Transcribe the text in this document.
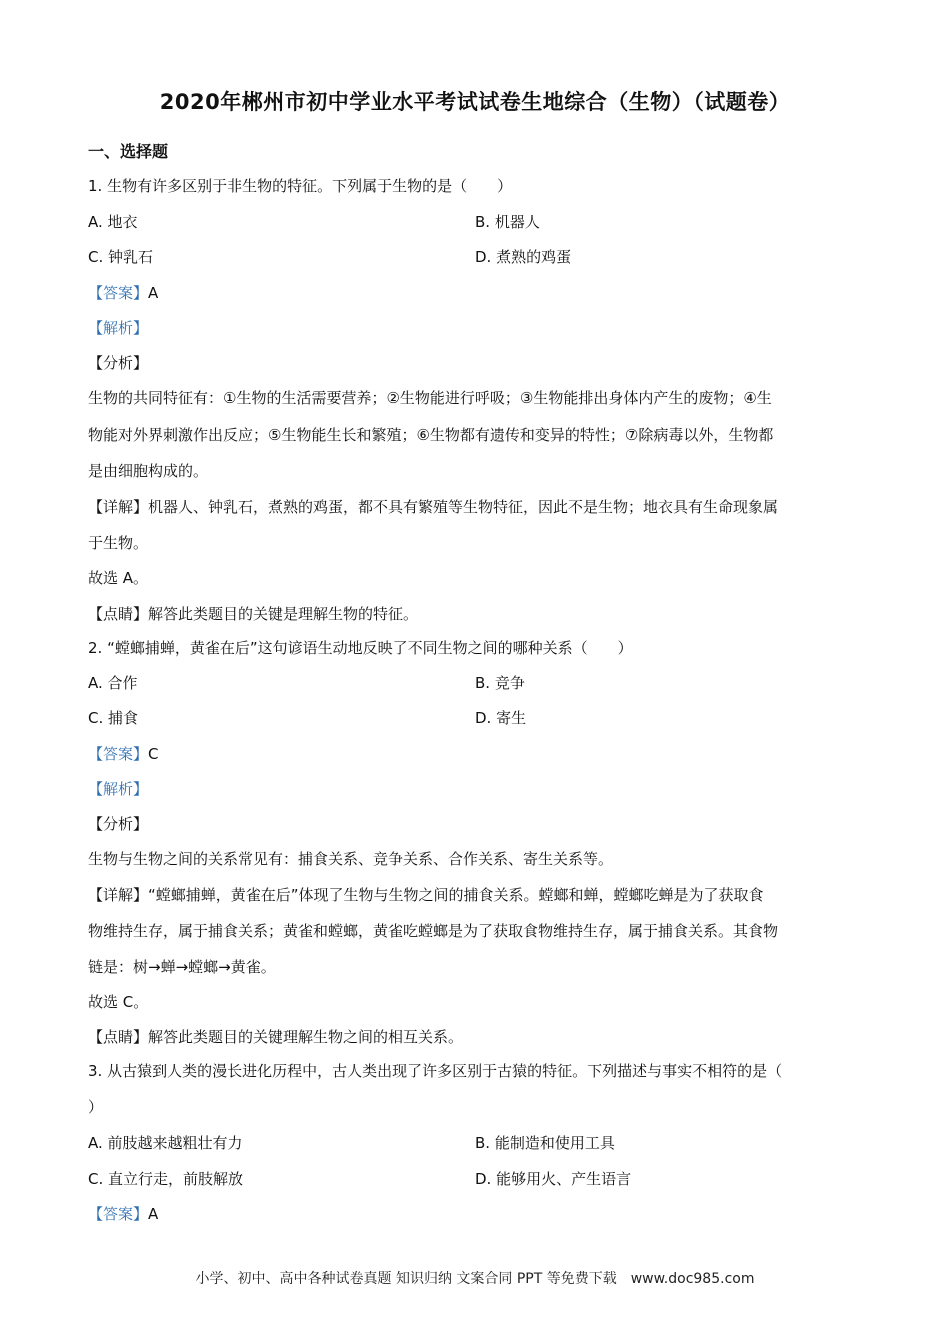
2020年郴州市初中学业水平考试试卷生地综合（生物）（试题卷）
一、选择题
1. 生物有许多区别于非生物的特征。下列属于生物的是（　　）
A. 地衣	B. 机器人
C. 钟乳石	D. 煮熟的鸡蛋
【答案】A
【解析】
【分析】
生物的共同特征有：①生物的生活需要营养；②生物能进行呼吸；③生物能排出身体内产生的废物；④生
物能对外界刺激作出反应；⑤生物能生长和繁殖；⑥生物都有遗传和变异的特性；⑦除病毒以外，生物都
是由细胞构成的。
【详解】机器人、钟乳石，煮熟的鸡蛋，都不具有繁殖等生物特征，因此不是生物；地衣具有生命现象属
于生物。
故选 A。
【点睛】解答此类题目的关键是理解生物的特征。
2. “螳螂捕蝉，黄雀在后”这句谚语生动地反映了不同生物之间的哪种关系（　　）
A. 合作	B. 竞争
C. 捕食	D. 寄生
【答案】C
【解析】
【分析】
生物与生物之间的关系常见有：捕食关系、竞争关系、合作关系、寄生关系等。
【详解】“螳螂捕蝉，黄雀在后”体现了生物与生物之间的捕食关系。螳螂和蝉，螳螂吃蝉是为了获取食
物维持生存，属于捕食关系；黄雀和螳螂，黄雀吃螳螂是为了获取食物维持生存，属于捕食关系。其食物
链是：树→蝉→螳螂→黄雀。
故选 C。
【点睛】解答此类题目的关键理解生物之间的相互关系。
3. 从古猿到人类的漫长进化历程中，古人类出现了许多区别于古猿的特征。下列描述与事实不相符的是（
）
A. 前肢越来越粗壮有力	B. 能制造和使用工具
C. 直立行走，前肢解放	D. 能够用火、产生语言
【答案】A
小学、初中、高中各种试卷真题 知识归纳 文案合同 PPT 等免费下载　www.doc985.com
